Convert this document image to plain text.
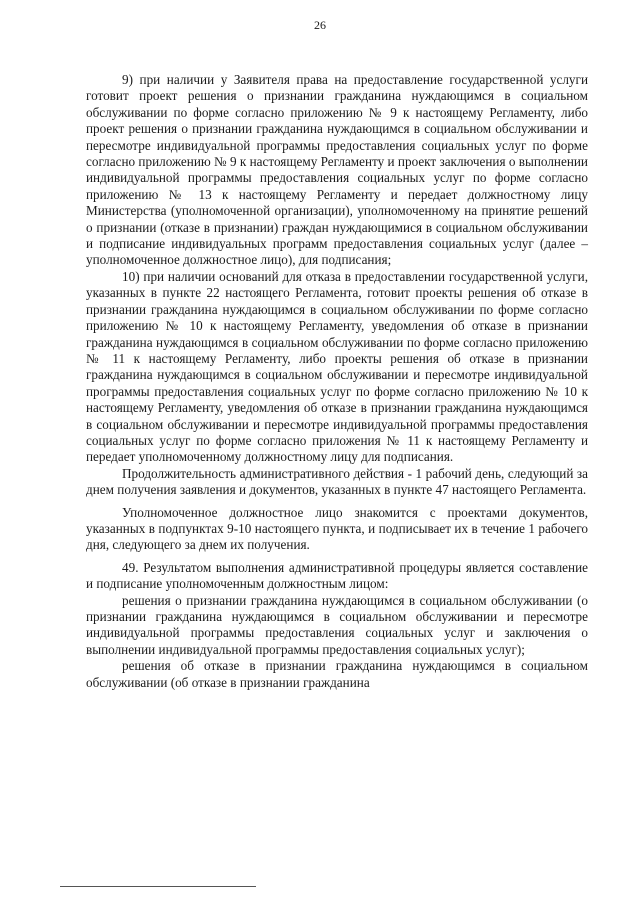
26

9) при наличии у Заявителя права на предоставление государственной услуги готовит проект решения о признании гражданина нуждающимся в социальном обслуживании по форме согласно приложению № 9 к настоящему Регламенту, либо проект решения о признании гражданина нуждающимся в социальном обслуживании и пересмотре индивидуальной программы предоставления социальных услуг по форме согласно приложению № 9 к настоящему Регламенту и проект заключения о выполнении индивидуальной программы предоставления социальных услуг по форме согласно приложению № 13 к настоящему Регламенту и передает должностному лицу Министерства (уполномоченной организации), уполномоченному на принятие решений о признании (отказе в признании) граждан нуждающимися в социальном обслуживании и подписание индивидуальных программ предоставления социальных услуг (далее – уполномоченное должностное лицо), для подписания;

10) при наличии оснований для отказа в предоставлении государственной услуги, указанных в пункте 22 настоящего Регламента, готовит проекты решения об отказе в признании гражданина нуждающимся в социальном обслуживании по форме согласно приложению № 10 к настоящему Регламенту, уведомления об отказе в признании гражданина нуждающимся в социальном обслуживании по форме согласно приложению № 11 к настоящему Регламенту, либо проекты решения об отказе в признании гражданина нуждающимся в социальном обслуживании и пересмотре индивидуальной программы предоставления социальных услуг по форме согласно приложению № 10 к настоящему Регламенту, уведомления об отказе в признании гражданина нуждающимся в социальном обслуживании и пересмотре индивидуальной программы предоставления социальных услуг по форме согласно приложения № 11 к настоящему Регламенту и передает уполномоченному должностному лицу для подписания.

Продолжительность административного действия - 1 рабочий день, следующий за днем получения заявления и документов, указанных в пункте 47 настоящего Регламента.

Уполномоченное должностное лицо знакомится с проектами документов, указанных в подпунктах 9-10 настоящего пункта, и подписывает их в течение 1 рабочего дня, следующего за днем их получения.

49. Результатом выполнения административной процедуры является составление и подписание уполномоченным должностным лицом:

решения о признании гражданина нуждающимся в социальном обслуживании (о признании гражданина нуждающимся в социальном обслуживании и пересмотре индивидуальной программы предоставления социальных услуг и заключения о выполнении индивидуальной программы предоставления социальных услуг);

решения об отказе в признании гражданина нуждающимся в социальном обслуживании (об отказе в признании гражданина
